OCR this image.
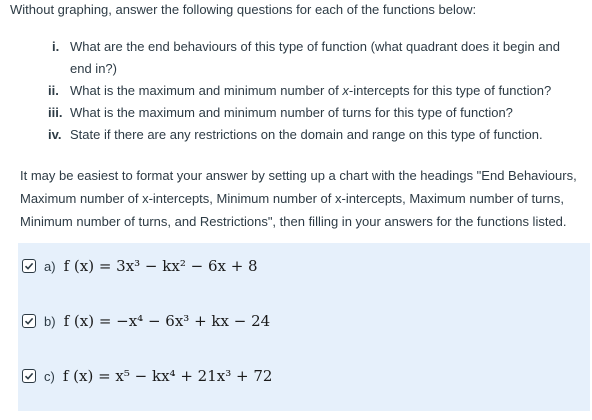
Without graphing, answer the following questions for each of the functions below:
i. What are the end behaviours of this type of function (what quadrant does it begin and end in?)
ii. What is the maximum and minimum number of x-intercepts for this type of function?
iii. What is the maximum and minimum number of turns for this type of function?
iv. State if there are any restrictions on the domain and range on this type of function.
It may be easiest to format your answer by setting up a chart with the headings "End Behaviours, Maximum number of x-intercepts, Minimum number of x-intercepts, Maximum number of turns, Minimum number of turns, and Restrictions", then filling in your answers for the functions listed.
a) f (x) = 3x³ − kx² − 6x + 8
b) f (x) = −x⁴ − 6x³ + kx − 24
c) f (x) = x⁵ − kx⁴ + 21x³ + 72
